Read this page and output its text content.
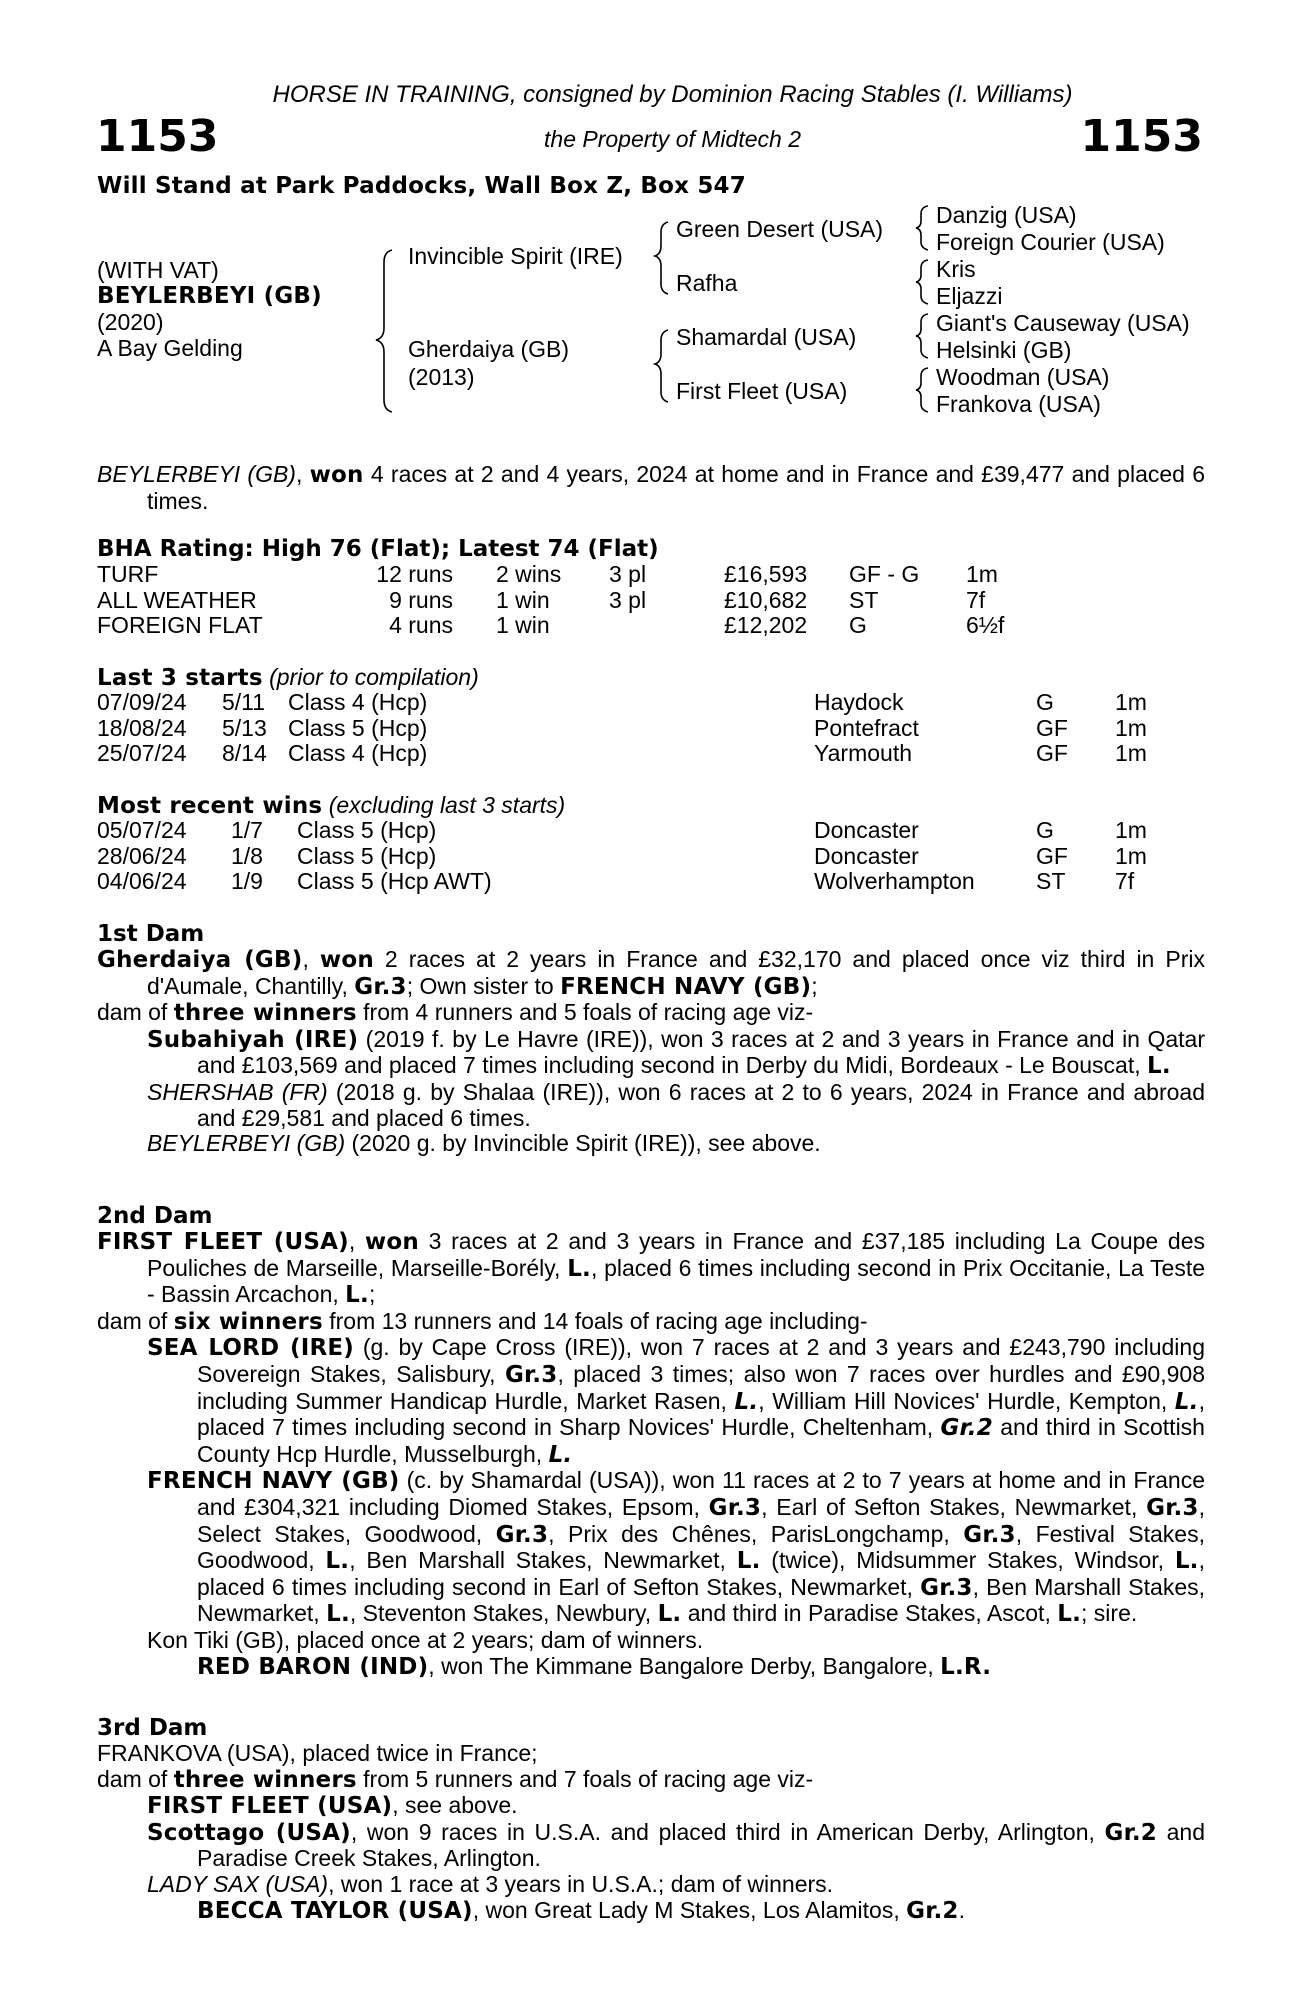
HORSE IN TRAINING, consigned by Dominion Racing Stables (I. Williams)
1153	the Property of Midtech 2	1153
Will Stand at Park Paddocks, Wall Box Z, Box 547
(WITH VAT)
BEYLERBEYI (GB)
(2020)
A Bay Gelding
Invincible Spirit (IRE)
Gherdaiya (GB)
(2013)
Green Desert (USA)
Rafha
Shamardal (USA)
First Fleet (USA)
Danzig (USA)
Foreign Courier (USA)
Kris
Eljazzi
Giant's Causeway (USA)
Helsinki (GB)
Woodman (USA)
Frankova (USA)

BEYLERBEYI (GB), won 4 races at 2 and 4 years, 2024 at home and in France and £39,477 and placed 6 times.

BHA Rating: High 76 (Flat); Latest 74 (Flat)
TURF	12 runs	2 wins	3 pl	£16,593	GF - G	1m
ALL WEATHER	9 runs	1 win	3 pl	£10,682	ST	7f
FOREIGN FLAT	4 runs	1 win		£12,202	G	6½f
Last 3 starts (prior to compilation)
07/09/24	5/11	Class 4 (Hcp)	Haydock	G	1m
18/08/24	5/13	Class 5 (Hcp)	Pontefract	GF	1m
25/07/24	8/14	Class 4 (Hcp)	Yarmouth	GF	1m
Most recent wins (excluding last 3 starts)
05/07/24	1/7	Class 5 (Hcp)	Doncaster	G	1m
28/06/24	1/8	Class 5 (Hcp)	Doncaster	GF	1m
04/06/24	1/9	Class 5 (Hcp AWT)	Wolverhampton	ST	7f
1st Dam

Gherdaiya (GB), won 2 races at 2 years in France and £32,170 and placed once viz third in Prix d'Aumale, Chantilly, Gr.3; Own sister to FRENCH NAVY (GB);

dam of three winners from 4 runners and 5 foals of racing age viz-

Subahiyah (IRE) (2019 f. by Le Havre (IRE)), won 3 races at 2 and 3 years in France and in Qatar and £103,569 and placed 7 times including second in Derby du Midi, Bordeaux - Le Bouscat, L.

SHERSHAB (FR) (2018 g. by Shalaa (IRE)), won 6 races at 2 to 6 years, 2024 in France and abroad and £29,581 and placed 6 times.

BEYLERBEYI (GB) (2020 g. by Invincible Spirit (IRE)), see above.

2nd Dam

FIRST FLEET (USA), won 3 races at 2 and 3 years in France and £37,185 including La Coupe des Pouliches de Marseille, Marseille-Borély, L., placed 6 times including second in Prix Occitanie, La Teste - Bassin Arcachon, L.;

dam of six winners from 13 runners and 14 foals of racing age including-

SEA LORD (IRE) (g. by Cape Cross (IRE)), won 7 races at 2 and 3 years and £243,790 including Sovereign Stakes, Salisbury, Gr.3, placed 3 times; also won 7 races over hurdles and £90,908 including Summer Handicap Hurdle, Market Rasen, L., William Hill Novices' Hurdle, Kempton, L., placed 7 times including second in Sharp Novices' Hurdle, Cheltenham, Gr.2 and third in Scottish County Hcp Hurdle, Musselburgh, L.

FRENCH NAVY (GB) (c. by Shamardal (USA)), won 11 races at 2 to 7 years at home and in France and £304,321 including Diomed Stakes, Epsom, Gr.3, Earl of Sefton Stakes, Newmarket, Gr.3, Select Stakes, Goodwood, Gr.3, Prix des Chênes, ParisLongchamp, Gr.3, Festival Stakes, Goodwood, L., Ben Marshall Stakes, Newmarket, L. (twice), Midsummer Stakes, Windsor, L., placed 6 times including second in Earl of Sefton Stakes, Newmarket, Gr.3, Ben Marshall Stakes, Newmarket, L., Steventon Stakes, Newbury, L. and third in Paradise Stakes, Ascot, L.; sire.

Kon Tiki (GB), placed once at 2 years; dam of winners.

RED BARON (IND), won The Kimmane Bangalore Derby, Bangalore, L.R.

3rd Dam

FRANKOVA (USA), placed twice in France;

dam of three winners from 5 runners and 7 foals of racing age viz-

FIRST FLEET (USA), see above.

Scottago (USA), won 9 races in U.S.A. and placed third in American Derby, Arlington, Gr.2 and Paradise Creek Stakes, Arlington.

LADY SAX (USA), won 1 race at 3 years in U.S.A.; dam of winners.

BECCA TAYLOR (USA), won Great Lady M Stakes, Los Alamitos, Gr.2.
